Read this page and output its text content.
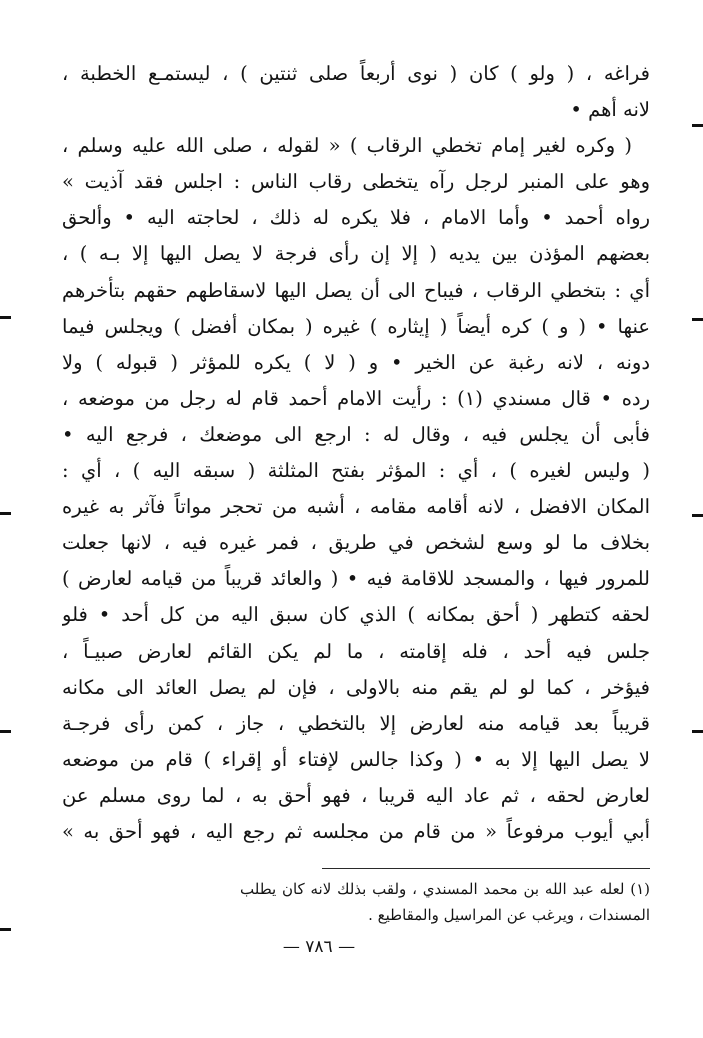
فراغه ، ( ولو ) كان ( نوى أربعاً صلى ثنتين ) ، ليستمـع الخطبة ،
لانه أهم •
( وكره لغير إمام تخطي الرقاب ) « لقوله ، صلى الله عليه وسلم ،
وهو على المنبر لرجل رآه يتخطى رقاب الناس : اجلس فقد آذيت »
رواه أحمد • وأما الامام ، فلا يكره له ذلك ، لحاجته اليه • وألحق
بعضهم المؤذن بين يديه ( إلا إن رأى فرجة لا يصل اليها إلا بـه ) ،
أي : بتخطي الرقاب ، فيباح الى أن يصل اليها لاسقاطهم حقهم بتأخرهم
عنها • ( و ) كره أيضاً ( إيثاره ) غيره ( بمكان أفضل ) ويجلس فيما
دونه ، لانه رغبة عن الخير • و ( لا ) يكره للمؤثر ( قبوله ) ولا
رده • قال مسندي (١) : رأيت الامام أحمد قام له رجل من موضعه ،
فأبى أن يجلس فيه ، وقال له : ارجع الى موضعك ، فرجع اليه •
( وليس لغيره ) ، أي : المؤثر بفتح المثلثة ( سبقه اليه ) ، أي :
المكان الافضل ، لانه أقامه مقامه ، أشبه من تحجر مواتاً فآثر به غيره
بخلاف ما لو وسع لشخص في طريق ، فمر غيره فيه ، لانها جعلت
للمرور فيها ، والمسجد للاقامة فيه • ( والعائد قريباً من قيامه لعارض )
لحقه كتطهر ( أحق بمكانه ) الذي كان سبق اليه من كل أحد • فلو
جلس فيه أحد ، فله إقامته ، ما لم يكن القائم لعارض صبيـاً ،
فيؤخر ، كما لو لم يقم منه بالاولى ، فإن لم يصل العائد الى مكانه
قريباً بعد قيامه منه لعارض إلا بالتخطي ، جاز ، كمن رأى فرجـة
لا يصل اليها إلا به • ( وكذا جالس لإفتاء أو إقراء ) قام من موضعه
لعارض لحقه ، ثم عاد اليه قريبا ، فهو أحق به ، لما روى مسلم عن
أبي أيوب مرفوعاً « من قام من مجلسه ثم رجع اليه ، فهو أحق به »
(١) لعله عبد الله بن محمد المسندي ، ولقب بذلك لانه كان يطلب
المسندات ، ويرغب عن المراسيل والمقاطيع .
— ٧٨٦ —
